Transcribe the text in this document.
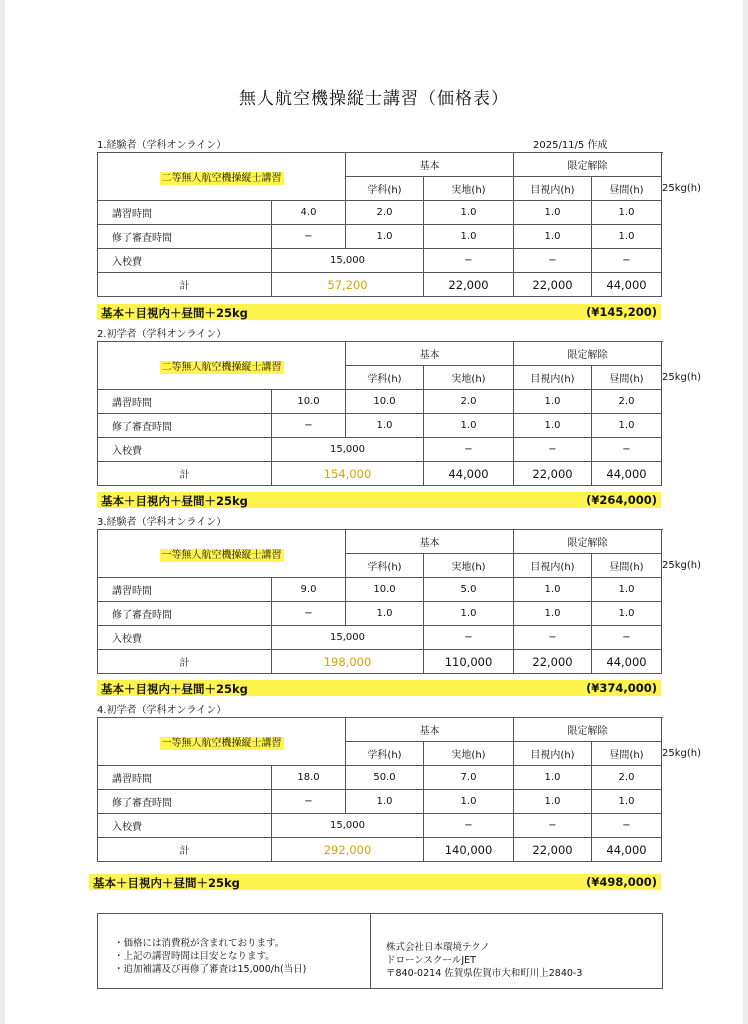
無人航空機操縦士講習（価格表）
1.経験者（学科オンライン）	2025/11/5 作成
二等無人航空機操縦士講習		基本		限定解除		
		学科(h)	実地(h)	目視内(h)	昼間(h)	25kg(h)
講習時間	4.0	2.0	1.0	1.0	1.0	
修了審査時間	−	1.0	1.0	1.0	1.0	
入校費	15,000		−	−	−	
計	57,200		22,000	22,000	44,000	
2.初学者（学科オンライン）
二等無人航空機操縦士講習		基本		限定解除		
		学科(h)	実地(h)	目視内(h)	昼間(h)	25kg(h)
講習時間	10.0	10.0	2.0	1.0	2.0	
修了審査時間	−	1.0	1.0	1.0	1.0	
入校費	15,000		−	−	−	
計	154,000		44,000	22,000	44,000	
3.経験者（学科オンライン）
一等無人航空機操縦士講習		基本		限定解除		
		学科(h)	実地(h)	目視内(h)	昼間(h)	25kg(h)
講習時間	9.0	10.0	5.0	1.0	1.0	
修了審査時間	−	1.0	1.0	1.0	1.0	
入校費	15,000		−	−	−	
計	198,000		110,000	22,000	44,000	
4.初学者（学科オンライン）
一等無人航空機操縦士講習		基本		限定解除		
		学科(h)	実地(h)	目視内(h)	昼間(h)	25kg(h)
講習時間	18.0	50.0	7.0	1.0	2.0	
修了審査時間	−	1.0	1.0	1.0	1.0	
入校費	15,000		−	−	−	
計	292,000		140,000	22,000	44,000	
・価格には消費税が含まれております。
・上記の講習時間は目安となります。
・追加補講及び再修了審査は15,000/h(当日)
株式会社日本環境テクノ
ドローンスクールJET
〒840-0214 佐賀県佐賀市大和町川上2840-3
基本＋目視内＋昼間＋25kg	(¥145,200)
基本＋目視内＋昼間＋25kg	(¥264,000)
基本＋目視内＋昼間＋25kg	(¥374,000)
基本＋目視内＋昼間＋25kg	(¥498,000)
